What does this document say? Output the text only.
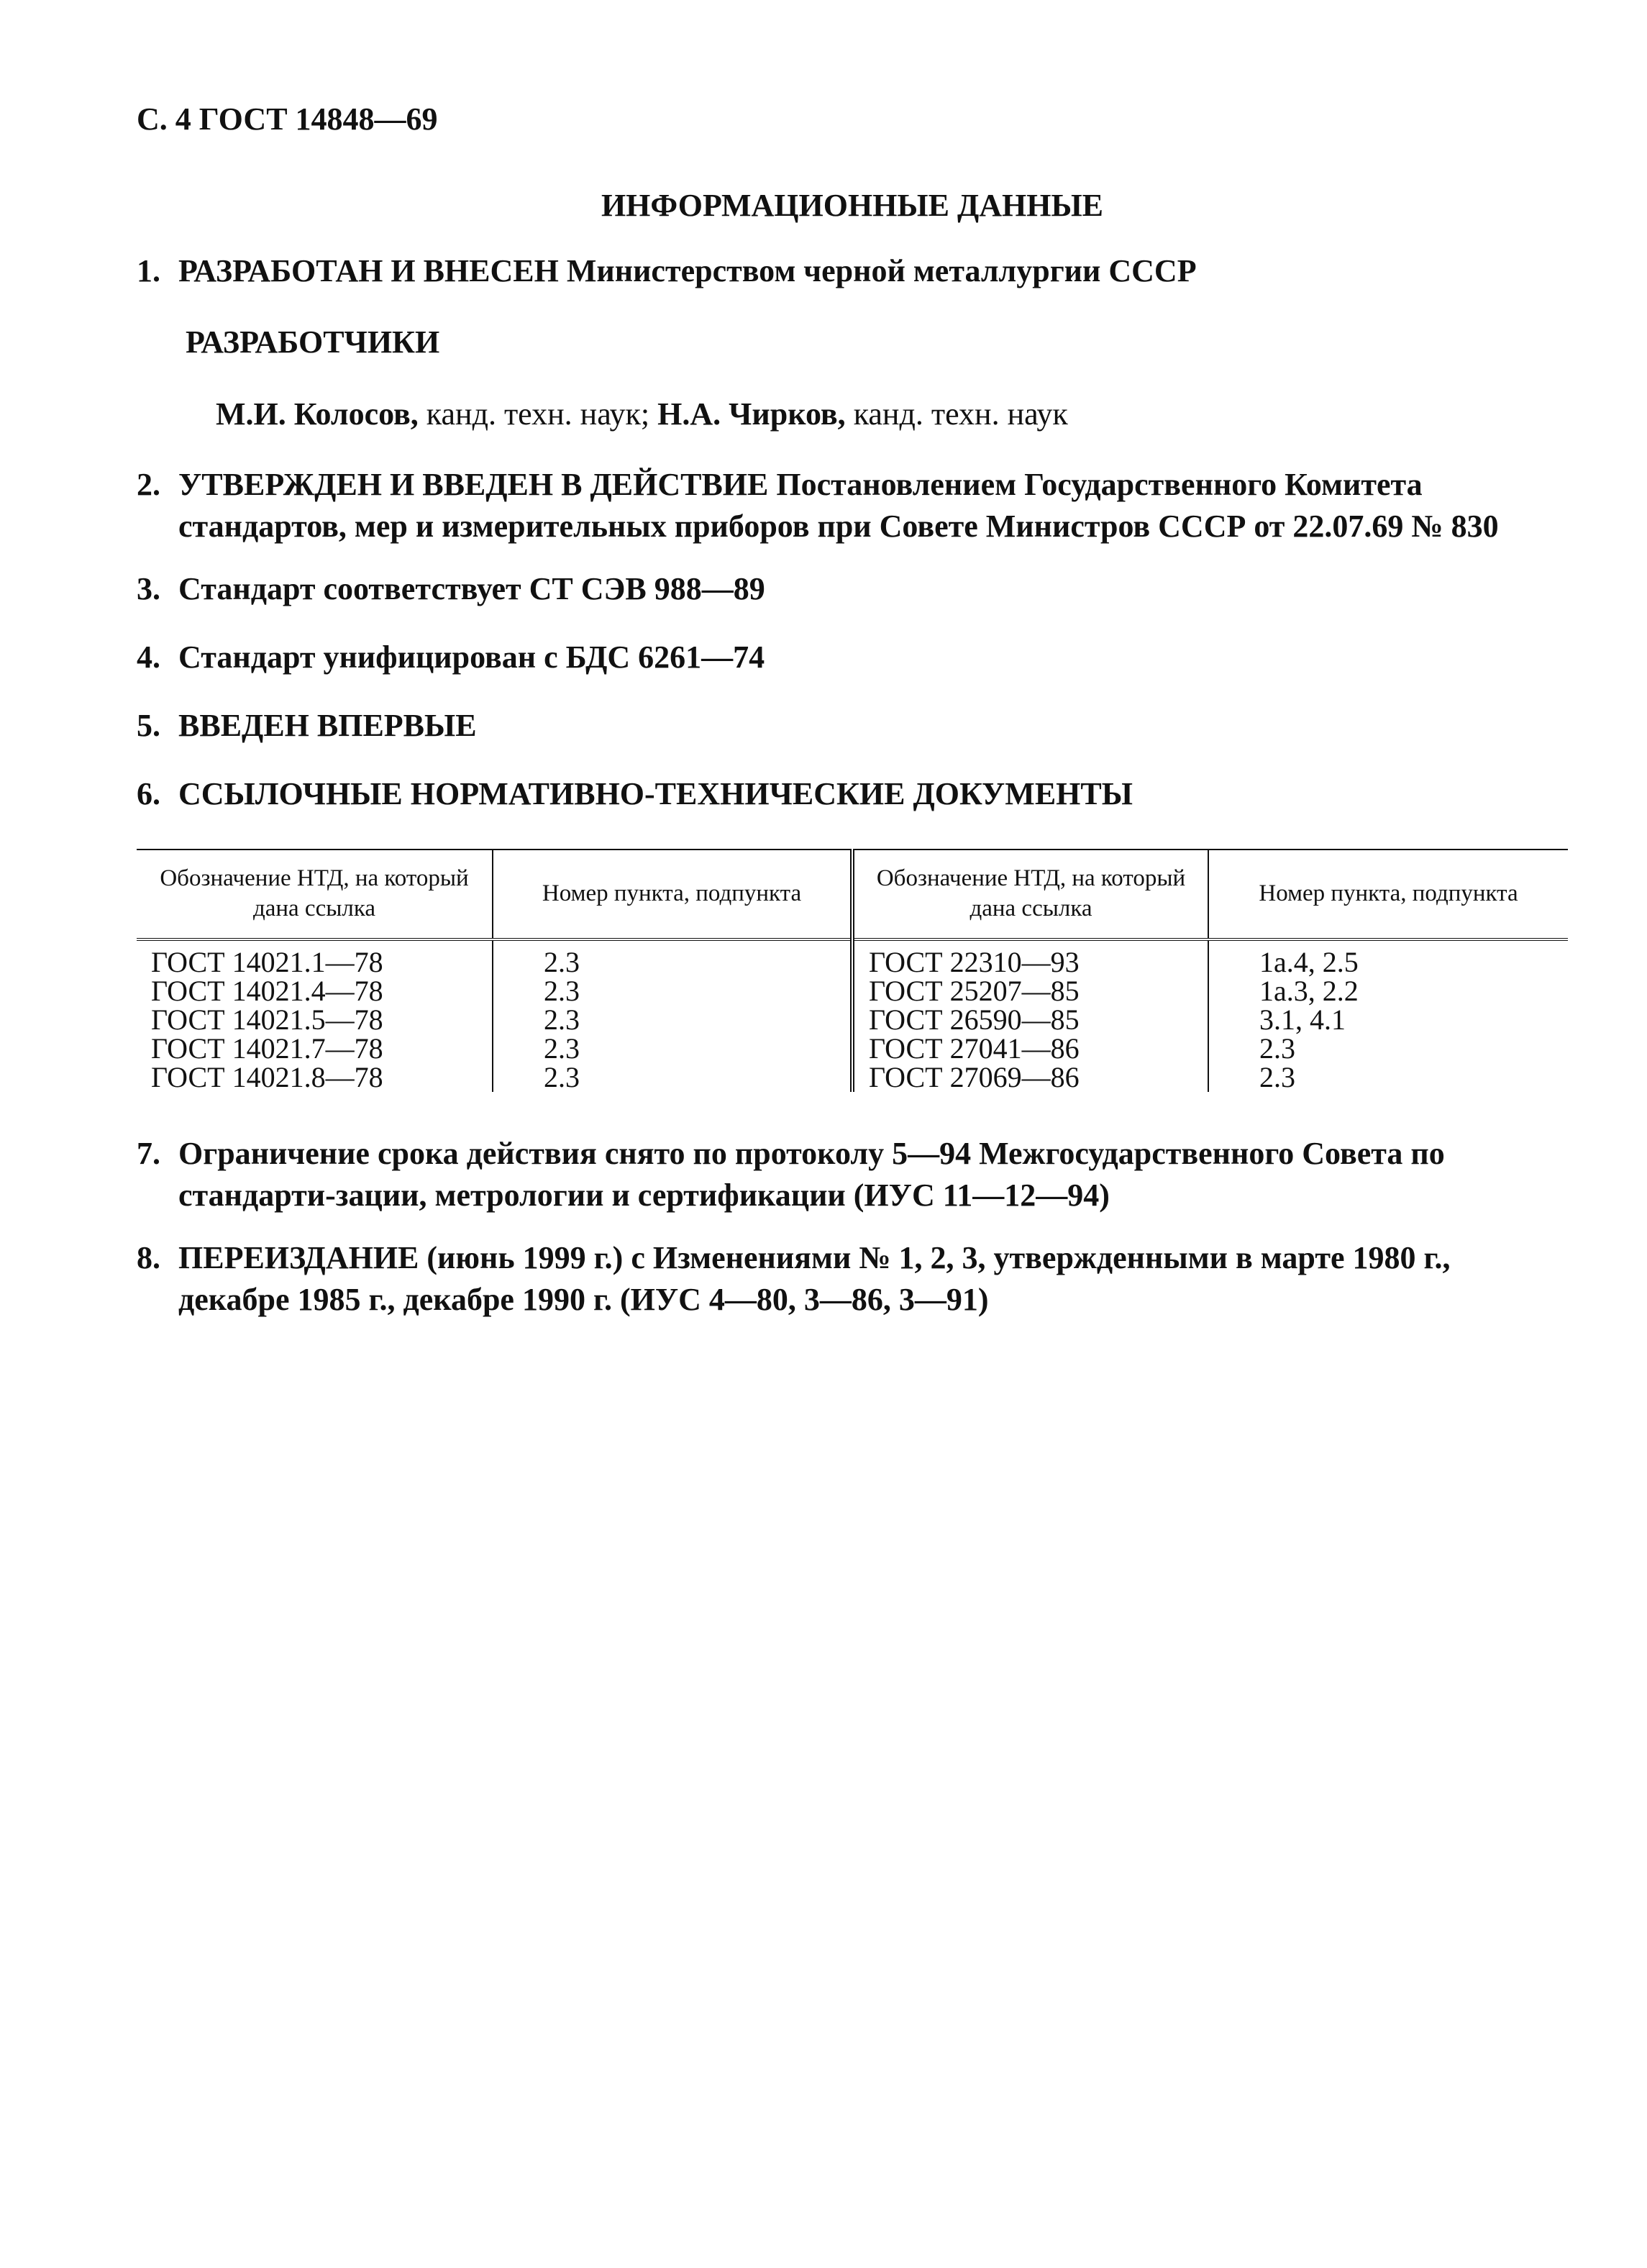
С. 4 ГОСТ 14848—69
ИНФОРМАЦИОННЫЕ ДАННЫЕ
1. РАЗРАБОТАН И ВНЕСЕН Министерством черной металлургии СССР
РАЗРАБОТЧИКИ
М.И. Колосов, канд. техн. наук; Н.А. Чирков, канд. техн. наук
2. УТВЕРЖДЕН И ВВЕДЕН В ДЕЙСТВИЕ Постановлением Государственного Комитета стандартов, мер и измерительных приборов при Совете Министров СССР от 22.07.69 № 830
3. Стандарт соответствует СТ СЭВ 988—89
4. Стандарт унифицирован с БДС 6261—74
5. ВВЕДЕН ВПЕРВЫЕ
6. ССЫЛОЧНЫЕ НОРМАТИВНО-ТЕХНИЧЕСКИЕ ДОКУМЕНТЫ
Обозначение НТД, на который дана ссылка	Номер пункта, подпункта	Обозначение НТД, на который дана ссылка	Номер пункта, подпункта
ГОСТ 14021.1—78	2.3	ГОСТ 22310—93	1а.4, 2.5
ГОСТ 14021.4—78	2.3	ГОСТ 25207—85	1а.3, 2.2
ГОСТ 14021.5—78	2.3	ГОСТ 26590—85	3.1, 4.1
ГОСТ 14021.7—78	2.3	ГОСТ 27041—86	2.3
ГОСТ 14021.8—78	2.3	ГОСТ 27069—86	2.3
7. Ограничение срока действия снято по протоколу 5—94 Межгосударственного Совета по стандарти-зации, метрологии и сертификации (ИУС 11—12—94)
8. ПЕРЕИЗДАНИЕ (июнь 1999 г.) с Изменениями № 1, 2, 3, утвержденными в марте 1980 г., декабре 1985 г., декабре 1990 г. (ИУС 4—80, 3—86, 3—91)
